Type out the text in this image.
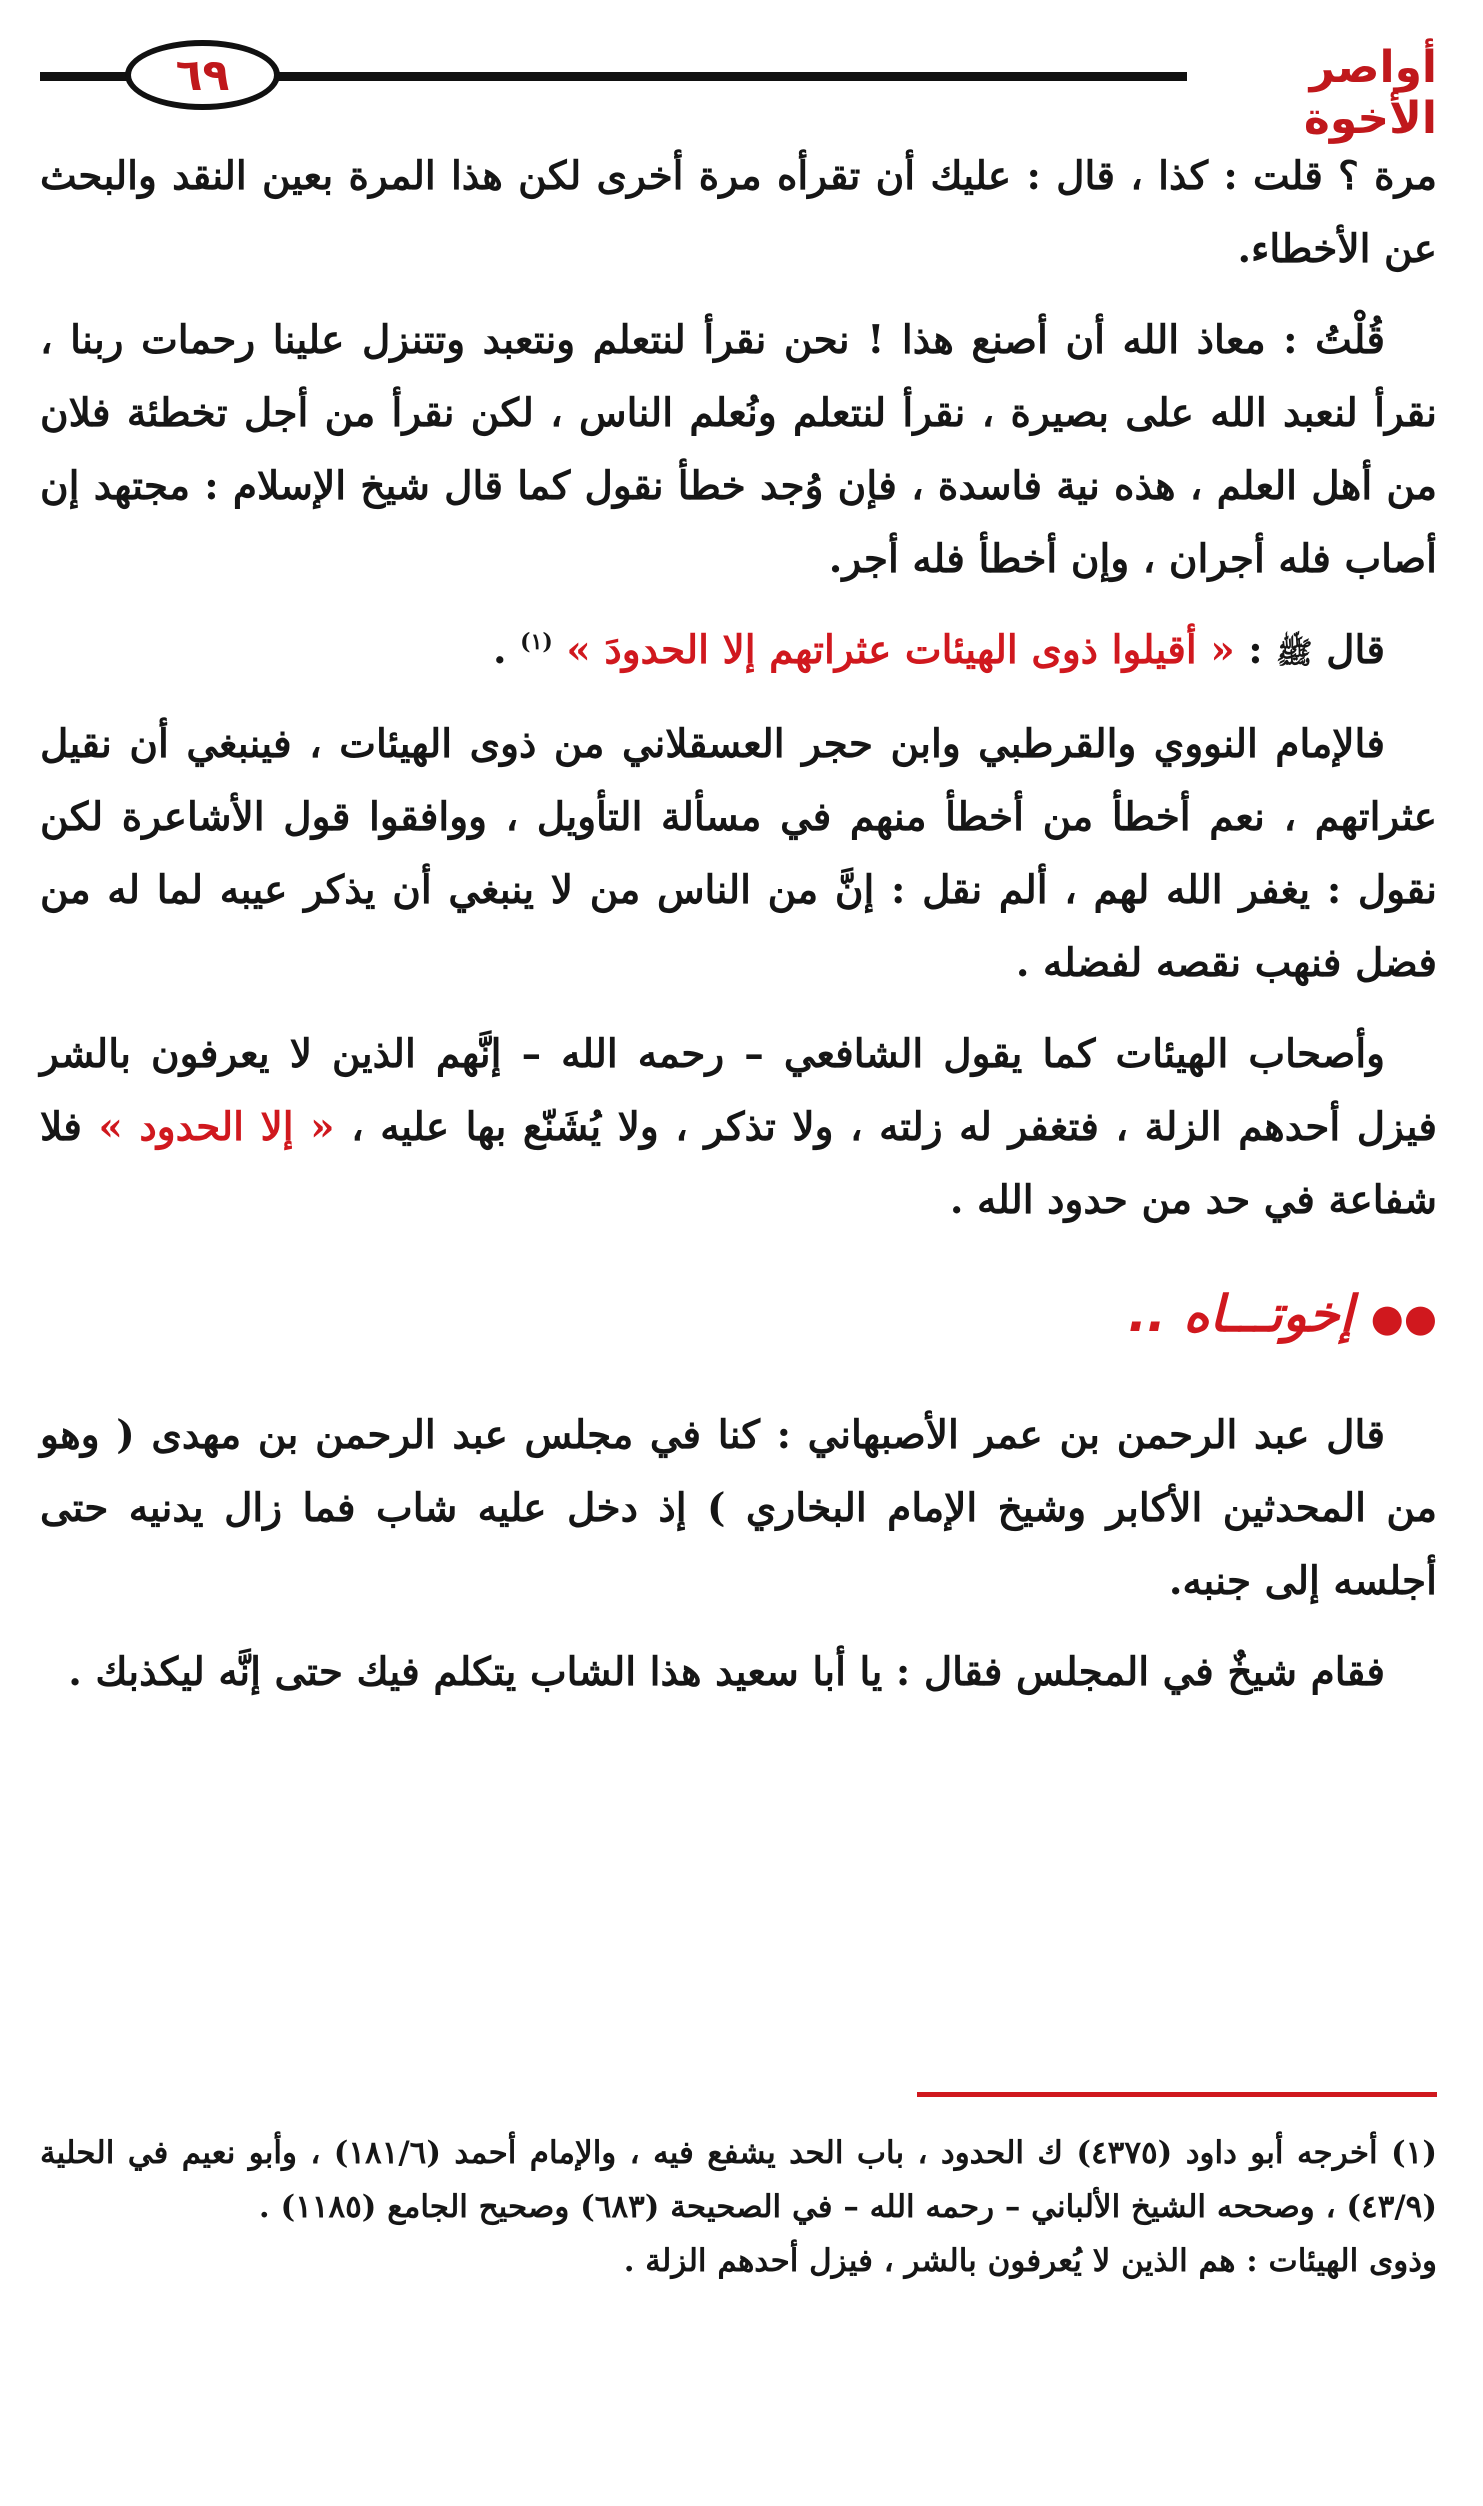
٦٩	أواصر الأخوة

مرة ؟ قلت : كذا ، قال : عليك أن تقرأه مرة أخرى لكن هذا المرة بعين النقد والبحث عن الأخطاء.

قُلْتُ : معاذ الله أن أصنع هذا ! نحن نقرأ لنتعلم ونتعبد وتتنزل علينا رحمات ربنا ، نقرأ لنعبد الله على بصيرة ، نقرأ لنتعلم ونُعلم الناس ، لكن نقرأ من أجل تخطئة فلان من أهل العلم ، هذه نية فاسدة ، فإن وُجد خطأ نقول كما قال شيخ الإسلام : مجتهد إن أصاب فله أجران ، وإن أخطأ فله أجر.

قال ﷺ : « أقيلوا ذوى الهيئات عثراتهم إلا الحدودَ » $^{(١)}$ .

فالإمام النووي والقرطبي وابن حجر العسقلاني من ذوى الهيئات ، فينبغي أن نقيل عثراتهم ، نعم أخطأ من أخطأ منهم في مسألة التأويل ، ووافقوا قول الأشاعرة لكن نقول : يغفر الله لهم ، ألم نقل : إنَّ من الناس من لا ينبغي أن يذكر عيبه لما له من فضل فنهب نقصه لفضله .

وأصحاب الهيئات كما يقول الشافعي – رحمه الله – إنَّهم الذين لا يعرفون بالشر فيزل أحدهم الزلة ، فتغفر له زلته ، ولا تذكر ، ولا يُشَنّع بها عليه ، « إلا الحدود » فلا شفاعة في حد من حدود الله .

●● إخوتـــاه ..

قال عبد الرحمن بن عمر الأصبهاني : كنا في مجلس عبد الرحمن بن مهدى ( وهو من المحدثين الأكابر وشيخ الإمام البخاري ) إذ دخل عليه شاب فما زال يدنيه حتى أجلسه إلى جنبه.

فقام شيخٌ في المجلس فقال : يا أبا سعيد هذا الشاب يتكلم فيك حتى إنَّه ليكذبك .

(١) أخرجه أبو داود (٤٣٧٥) ك الحدود ، باب الحد يشفع فيه ، والإمام أحمد (١٨١/٦) ، وأبو نعيم في الحلية (٤٣/٩) ، وصححه الشيخ الألباني – رحمه الله – في الصحيحة (٦٨٣) وصحيح الجامع (١١٨٥) .

وذوى الهيئات : هم الذين لا يُعرفون بالشر ، فيزل أحدهم الزلة .
